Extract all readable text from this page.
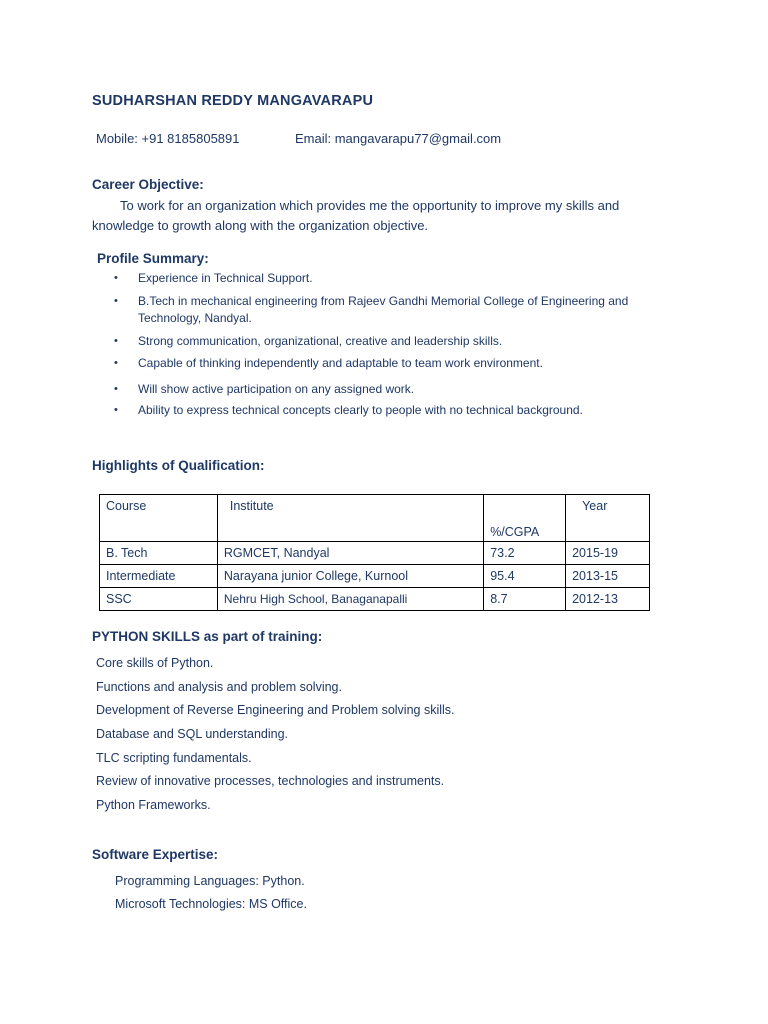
SUDHARSHAN REDDY MANGAVARAPU
Mobile: +91 8185805891	Email: mangavarapu77@gmail.com
Career Objective:
To work for an organization which provides me the opportunity to improve my skills and knowledge to growth along with the organization objective.
Profile Summary:
• Experience in Technical Support.
• B.Tech in mechanical engineering from Rajeev Gandhi Memorial College of Engineering and Technology, Nandyal.
• Strong communication, organizational, creative and leadership skills.
• Capable of thinking independently and adaptable to team work environment.
• Will show active participation on any assigned work.
• Ability to express technical concepts clearly to people with no technical background.
Highlights of Qualification:
Course	Institute	%/CGPA	Year
B. Tech	RGMCET, Nandyal	73.2	2015-19
Intermediate	Narayana junior College, Kurnool	95.4	2013-15
SSC	Nehru High School, Banaganapalli	8.7	2012-13
PYTHON SKILLS as part of training:
Core skills of Python.
Functions and analysis and problem solving.
Development of Reverse Engineering and Problem solving skills.
Database and SQL understanding.
TLC scripting fundamentals.
Review of innovative processes, technologies and instruments.
Python Frameworks.
Software Expertise:
Programming Languages: Python.
Microsoft Technologies: MS Office.
